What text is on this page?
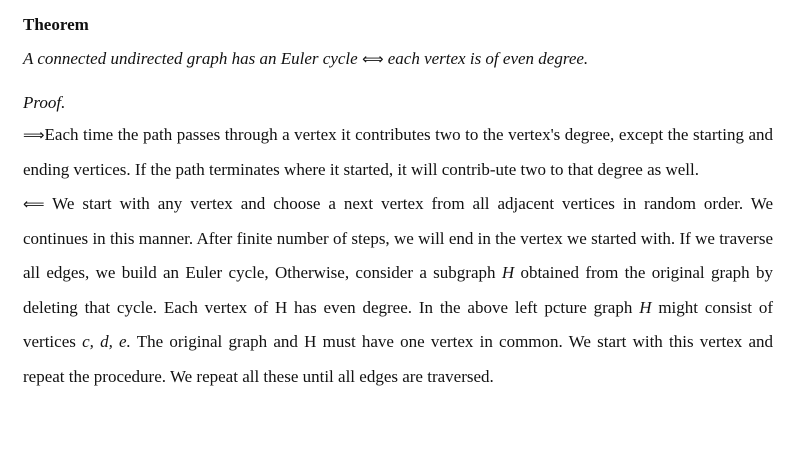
Theorem
A connected undirected graph has an Euler cycle ⟺ each vertex is of even degree.
Proof.

⟹Each time the path passes through a vertex it contributes two to the vertex's degree, except the starting and ending vertices. If the path terminates where it started, it will contrib-ute two to that degree as well.

⟸ We start with any vertex and choose a next vertex from all adjacent vertices in random order. We continues in this manner. After finite number of steps, we will end in the vertex we started with. If we traverse all edges, we build an Euler cycle, Otherwise, consider a subgraph H obtained from the original graph by deleting that cycle. Each vertex of H has even degree. In the above left pcture graph H might consist of vertices c, d, e. The original graph and H must have one vertex in common. We start with this vertex and repeat the procedure. We repeat all these until all edges are traversed.
